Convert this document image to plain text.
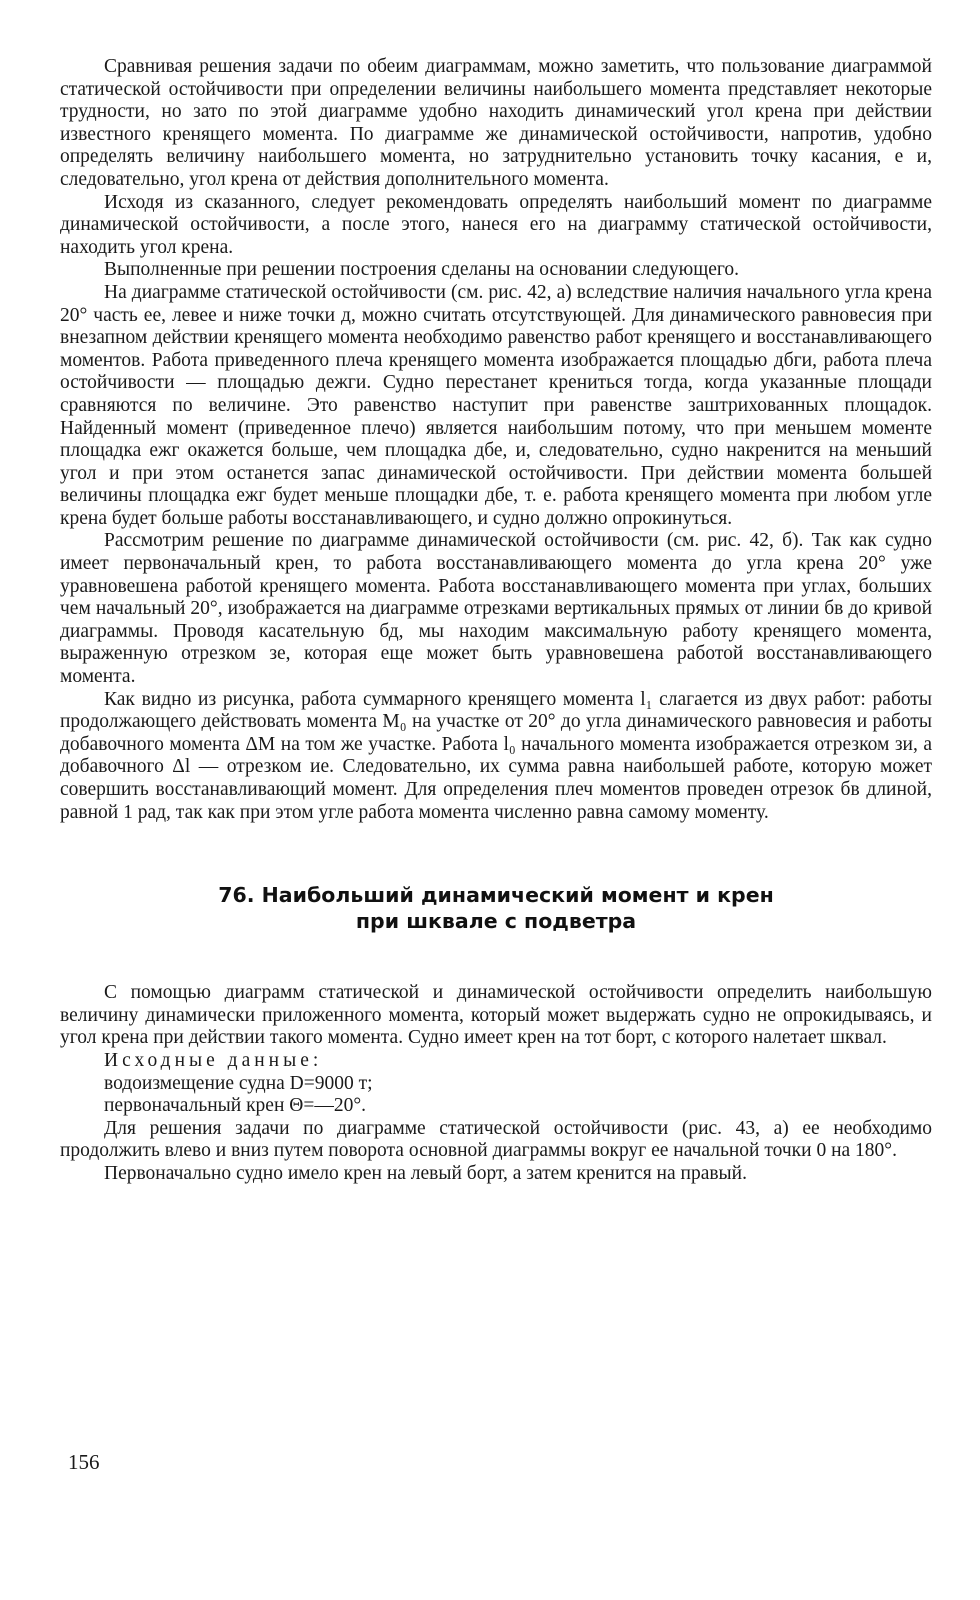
Сравнивая решения задачи по обеим диаграммам, можно заметить, что пользование диаграммой статической остойчивости при определении величины наибольшего момента представляет некоторые трудности, но зато по этой диаграмме удобно находить динамический угол крена при действии известного кренящего момента. По диаграмме же динамической остойчивости, напротив, удобно определять величину наибольшего момента, но затруднительно установить точку касания, е и, следовательно, угол крена от действия дополнительного момента.

Исходя из сказанного, следует рекомендовать определять наибольший момент по диаграмме динамической остойчивости, а после этого, нанеся его на диаграмму статической остойчивости, находить угол крена.

Выполненные при решении построения сделаны на основании следующего.

На диаграмме статической остойчивости (см. рис. 42, а) вследствие наличия начального угла крена 20° часть ее, левее и ниже точки д, можно считать отсутствующей. Для динамического равновесия при внезапном действии кренящего момента необходимо равенство работ кренящего и восстанавливающего моментов. Работа приведенного плеча кренящего момента изображается площадью дбги, работа плеча остойчивости — площадью дежги. Судно перестанет крениться тогда, когда указанные площади сравняются по величине. Это равенство наступит при равенстве заштрихованных площадок. Найденный момент (приведенное плечо) является наибольшим потому, что при меньшем моменте площадка ежг окажется больше, чем площадка дбе, и, следовательно, судно накренится на меньший угол и при этом останется запас динамической остойчивости. При действии момента большей величины площадка ежг будет меньше площадки дбе, т. е. работа кренящего момента при любом угле крена будет больше работы восстанавливающего, и судно должно опрокинуться.

Рассмотрим решение по диаграмме динамической остойчивости (см. рис. 42, б). Так как судно имеет первоначальный крен, то работа восстанавливающего момента до угла крена 20° уже уравновешена работой кренящего момента. Работа восстанавливающего момента при углах, больших чем начальный 20°, изображается на диаграмме отрезками вертикальных прямых от линии бв до кривой диаграммы. Проводя касательную бд, мы находим максимальную работу кренящего момента, выраженную отрезком зе, которая еще может быть уравновешена работой восстанавливающего момента.

Как видно из рисунка, работа суммарного кренящего момента l₁ слагается из двух работ: работы продолжающего действовать момента M₀ на участке от 20° до угла динамического равновесия и работы добавочного момента ΔM на том же участке. Работа l₀ начального момента изображается отрезком зи, а добавочного Δl — отрезком ие. Следовательно, их сумма равна наибольшей работе, которую может совершить восстанавливающий момент. Для определения плеч моментов проведен отрезок бв длиной, равной 1 рад, так как при этом угле работа момента численно равна самому моменту.

76. Наибольший динамический момент и крен
при шквале с подветра

С помощью диаграмм статической и динамической остойчивости определить наибольшую величину динамически приложенного момента, который может выдержать судно не опрокидываясь, и угол крена при действии такого момента. Судно имеет крен на тот борт, с которого налетает шквал.

Исходные данные:

водоизмещение судна D=9000 т;

первоначальный крен Θ=—20°.

Для решения задачи по диаграмме статической остойчивости (рис. 43, а) ее необходимо продолжить влево и вниз путем поворота основной диаграммы вокруг ее начальной точки 0 на 180°.

Первоначально судно имело крен на левый борт, а затем кренится на правый.

156
